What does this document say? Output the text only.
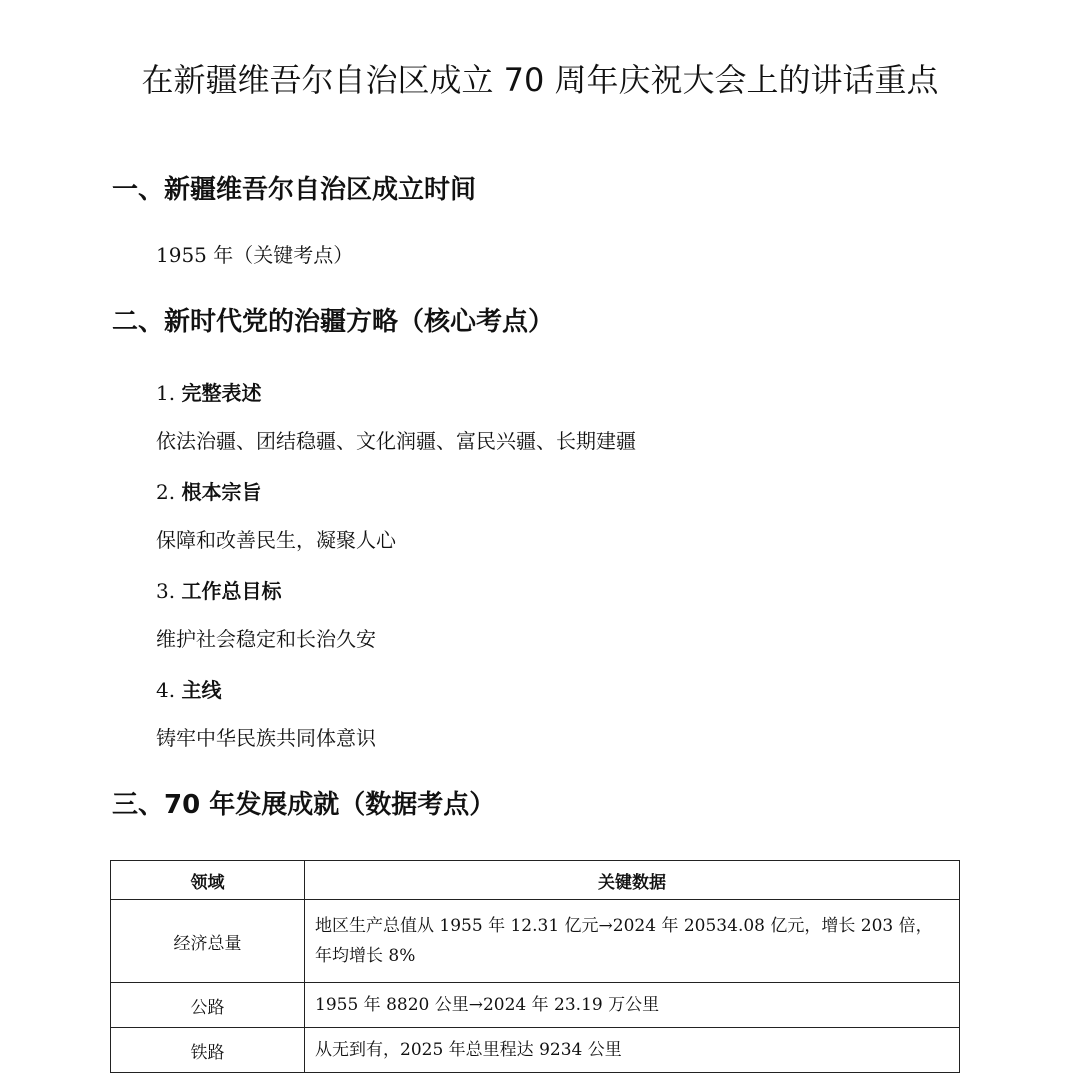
在新疆维吾尔自治区成立 70 周年庆祝大会上的讲话重点
一、新疆维吾尔自治区成立时间

1955 年（关键考点）

二、新时代党的治疆方略（核心考点）
1. 完整表述

依法治疆、团结稳疆、文化润疆、富民兴疆、长期建疆

2. 根本宗旨

保障和改善民生，凝聚人心

3. 工作总目标

维护社会稳定和长治久安

4. 主线

铸牢中华民族共同体意识

三、70 年发展成就（数据考点）
领域	关键数据
经济总量	地区生产总值从 1955 年 12.31 亿元→2024 年 20534.08 亿元，增长 203 倍，年均增长 8%
公路	1955 年 8820 公里→2024 年 23.19 万公里
铁路	从无到有，2025 年总里程达 9234 公里
